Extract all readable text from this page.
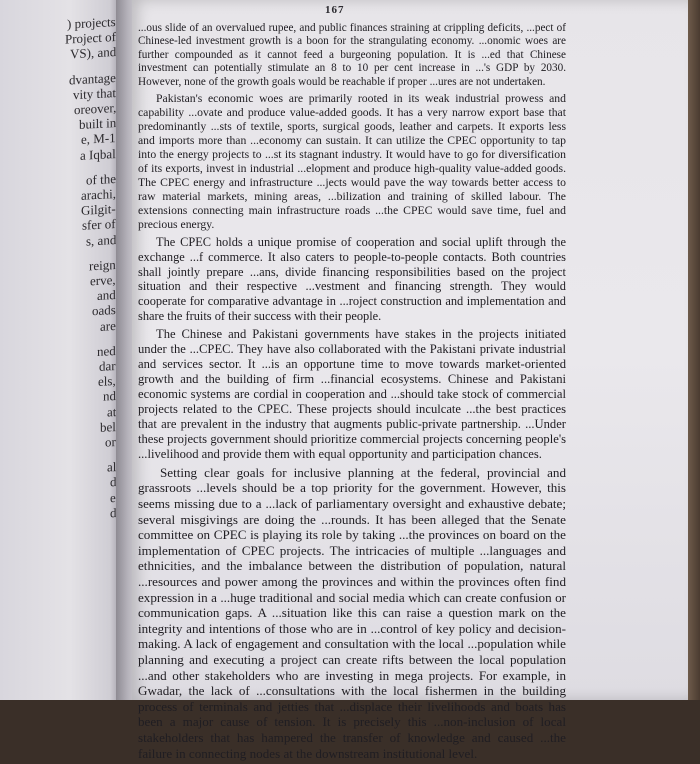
) projects
Project of
VS), and
dvantage
vity that
oreover,
built in
e, M-1
a Iqbal
of the
arachi,
Gilgit-
sfer of
s, and
reign
erve,
and
oads
are
ned
dar
els,
nd
at
bel
or
al
d
e
d
167

...ous slide of an overvalued rupee, and public finances straining at crippling deficits, ...pect of Chinese-led investment growth is a boon for the strangulating economy. ...onomic woes are further compounded as it cannot feed a burgeoning population. It is ...ed that Chinese investment can potentially stimulate an 8 to 10 per cent increase in ...'s GDP by 2030. However, none of the growth goals would be reachable if proper ...ures are not undertaken.

Pakistan's economic woes are primarily rooted in its weak industrial prowess and capability ...ovate and produce value-added goods. It has a very narrow export base that predominantly ...sts of textile, sports, surgical goods, leather and carpets. It exports less and imports more than ...economy can sustain. It can utilize the CPEC opportunity to tap into the energy projects to ...st its stagnant industry. It would have to go for diversification of its exports, invest in industrial ...elopment and produce high-quality value-added goods. The CPEC energy and infrastructure ...jects would pave the way towards better access to raw material markets, mining areas, ...bilization and training of skilled labour. The extensions connecting main infrastructure roads ...the CPEC would save time, fuel and precious energy.

The CPEC holds a unique promise of cooperation and social uplift through the exchange ...f commerce. It also caters to people-to-people contacts. Both countries shall jointly prepare ...ans, divide financing responsibilities based on the project situation and their respective ...vestment and financing strength. They would cooperate for comparative advantage in ...roject construction and implementation and share the fruits of their success with their people.

The Chinese and Pakistani governments have stakes in the projects initiated under the ...CPEC. They have also collaborated with the Pakistani private industrial and services sector. It ...is an opportune time to move towards market-oriented growth and the building of firm ...financial ecosystems. Chinese and Pakistani economic systems are cordial in cooperation and ...should take stock of commercial projects related to the CPEC. These projects should inculcate ...the best practices that are prevalent in the industry that augments public-private partnership. ...Under these projects government should prioritize commercial projects concerning people's ...livelihood and provide them with equal opportunity and participation chances.

Setting clear goals for inclusive planning at the federal, provincial and grassroots ...levels should be a top priority for the government. However, this seems missing due to a ...lack of parliamentary oversight and exhaustive debate; several misgivings are doing the ...rounds. It has been alleged that the Senate committee on CPEC is playing its role by taking ...the provinces on board on the implementation of CPEC projects. The intricacies of multiple ...languages and ethnicities, and the imbalance between the distribution of population, natural ...resources and power among the provinces and within the provinces often find expression in a ...huge traditional and social media which can create confusion or communication gaps. A ...situation like this can raise a question mark on the integrity and intentions of those who are in ...control of key policy and decision-making. A lack of engagement and consultation with the local ...population while planning and executing a project can create rifts between the local population ...and other stakeholders who are investing in mega projects. For example, in Gwadar, the lack of ...consultations with the local fishermen in the building process of terminals and jetties that ...displace their livelihoods and boats has been a major cause of tension. It is precisely this ...non-inclusion of local stakeholders that has hampered the transfer of knowledge and caused ...the failure in connecting nodes at the downstream institutional level.
